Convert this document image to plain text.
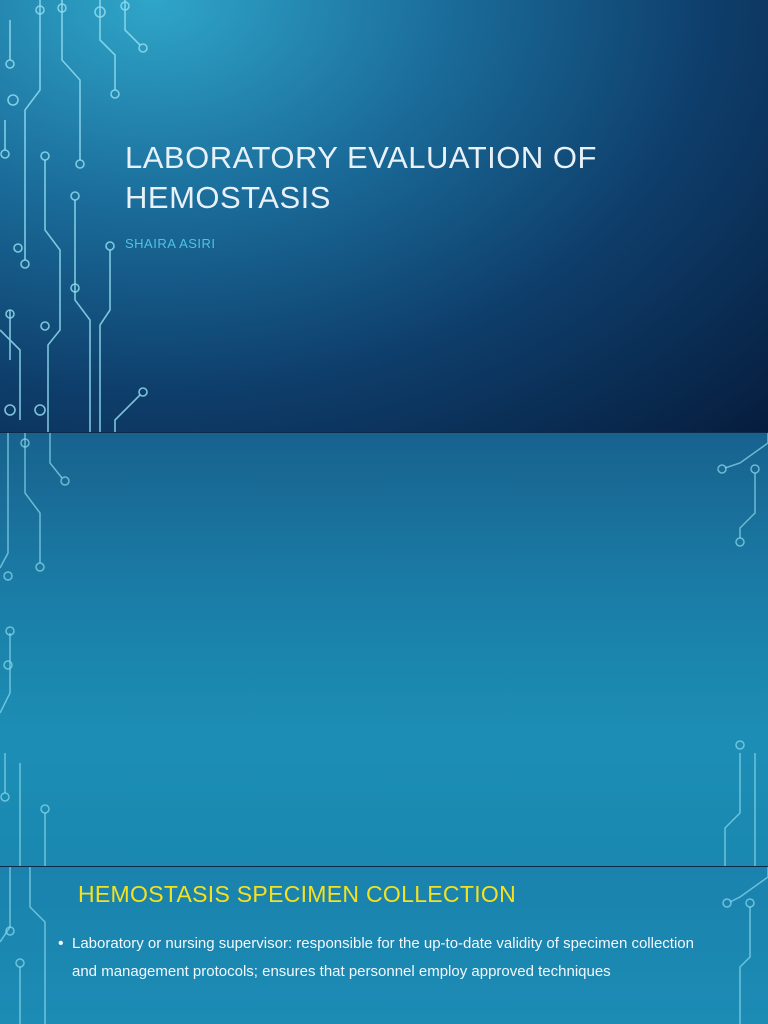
LABORATORY EVALUATION OF
HEMOSTASIS
SHAIRA ASIRI
HEMOSTASIS SPECIMEN COLLECTION
• Laboratory or nursing supervisor: responsible for the up-to-date validity of specimen collection and management protocols; ensures that personnel employ approved techniques
